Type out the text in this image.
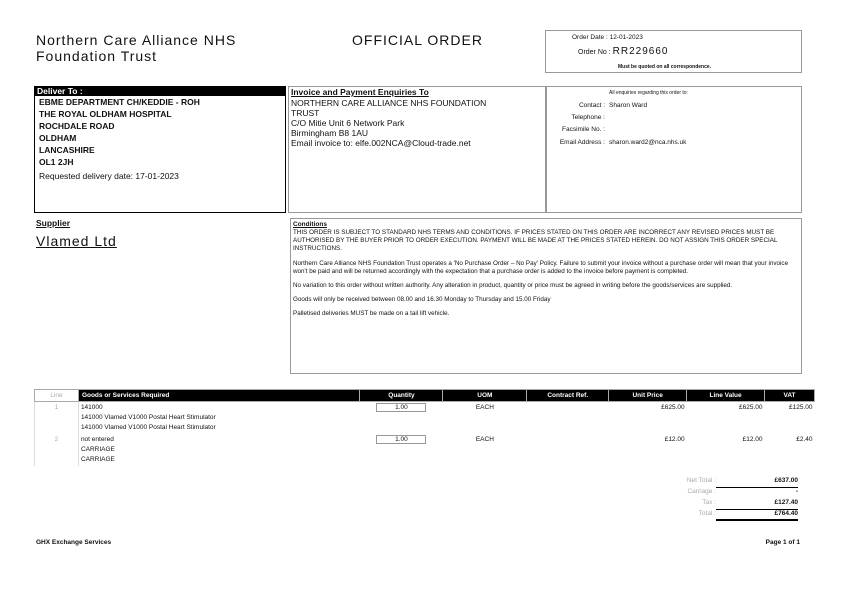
Northern Care Alliance NHS
Foundation Trust
OFFICIAL ORDER	Order Date : 12-01-2023
Order No : RR229660
Must be quoted on all correspondence.
Deliver To :
EBME DEPARTMENT CH/KEDDIE - ROH
THE ROYAL OLDHAM HOSPITAL
ROCHDALE ROAD
OLDHAM
LANCASHIRE
OL1 2JH
Requested delivery date: 17-01-2023
Invoice and Payment Enquiries To
NORTHERN CARE ALLIANCE NHS FOUNDATION
TRUST
C/O Mitie Unit 6 Network Park
Birmingham B8 1AU
Email invoice to: elfe.002NCA@Cloud-trade.net
All enquiries regarding this order to:
Contact : Sharon Ward
Telephone :
Facsimile No. :
Email Address : sharon.ward2@nca.nhs.uk
Supplier
Vlamed Ltd
Conditions

THIS ORDER IS SUBJECT TO STANDARD NHS TERMS AND CONDITIONS. IF PRICES STATED ON THIS ORDER ARE INCORRECT ANY REVISED PRICES MUST BE AUTHORISED BY THE BUYER PRIOR TO ORDER EXECUTION. PAYMENT WILL BE MADE AT THE PRICES STATED HEREIN. DO NOT ASSIGN THIS ORDER SPECIAL INSTRUCTIONS.

Northern Care Alliance NHS Foundation Trust operates a 'No Purchase Order – No Pay' Policy. Failure to submit your invoice without a purchase order will mean that your invoice won't be paid and will be returned accordingly with the expectation that a purchase order is added to the invoice before payment is completed.

No variation to this order without written authority. Any alteration in product, quantity or price must be agreed in writing before the goods/services are supplied.

Goods will only be received between 08.00 and 16.30 Monday to Thursday and 15.00 Friday

Palletised deliveries MUST be made on a tail lift vehicle.

Line	Goods or Services Required	Quantity	UOM	Contract Ref.	Unit Price	Line Value	VAT
1	141000
141000 Vlamed V1000 Postal Heart Stimulator
141000 Vlamed V1000 Postal Heart Stimulator	1.00	EACH		£625.00	£625.00	£125.00
2	not entered
CARRIAGE
CARRIAGE	1.00	EACH		£12.00	£12.00	£2.40
Net Total :	£637.00
Carriage :	-
Tax :	£127.40
Total :	£764.40
GHX Exchange Services	Page 1 of 1
